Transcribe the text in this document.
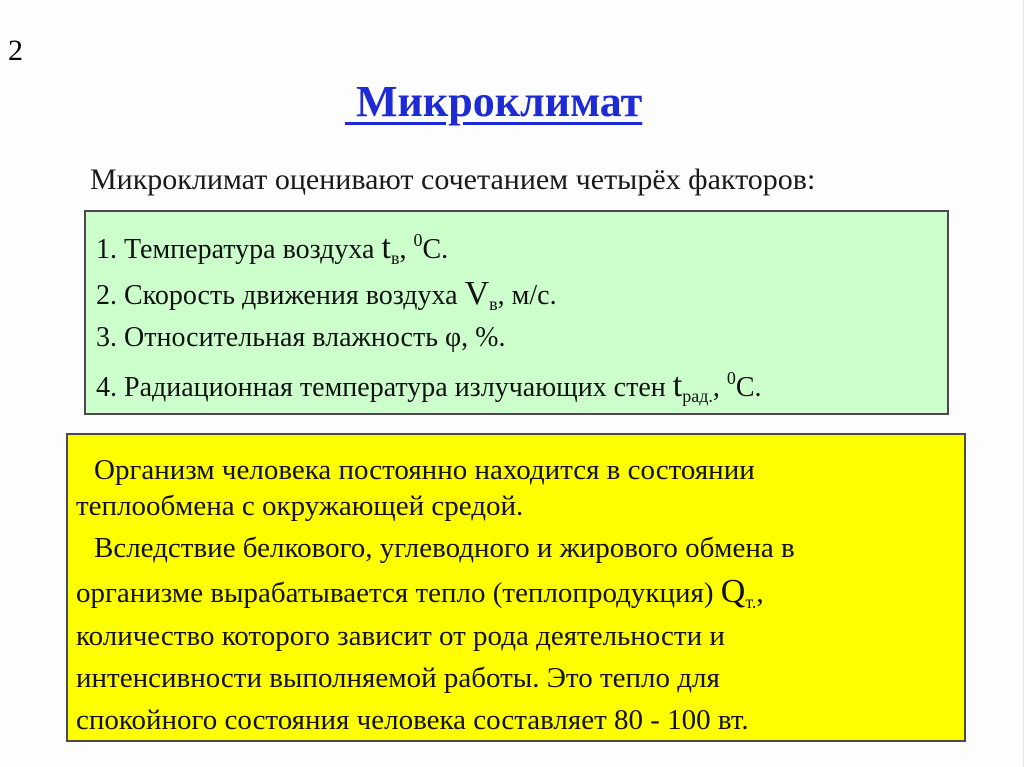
2
Микроклимат
Микроклимат оценивают сочетанием четырёх факторов:
1. Температура воздуха $t_в$, $^0$С.
2. Скорость движения воздуха $V_в$, м/с.
3. Относительная влажность φ, %.
4. Радиационная температура излучающих стен $t_{рад.}$, $^0$С.
Организм человека постоянно находится в состоянии
теплообмена с окружающей средой.
Вследствие белкового, углеводного и жирового обмена в
организме вырабатывается тепло (теплопродукция) $Q_{т.}$,
количество которого зависит от рода деятельности и
интенсивности выполняемой работы. Это тепло для
спокойного состояния человека составляет 80 - 100 вт.
